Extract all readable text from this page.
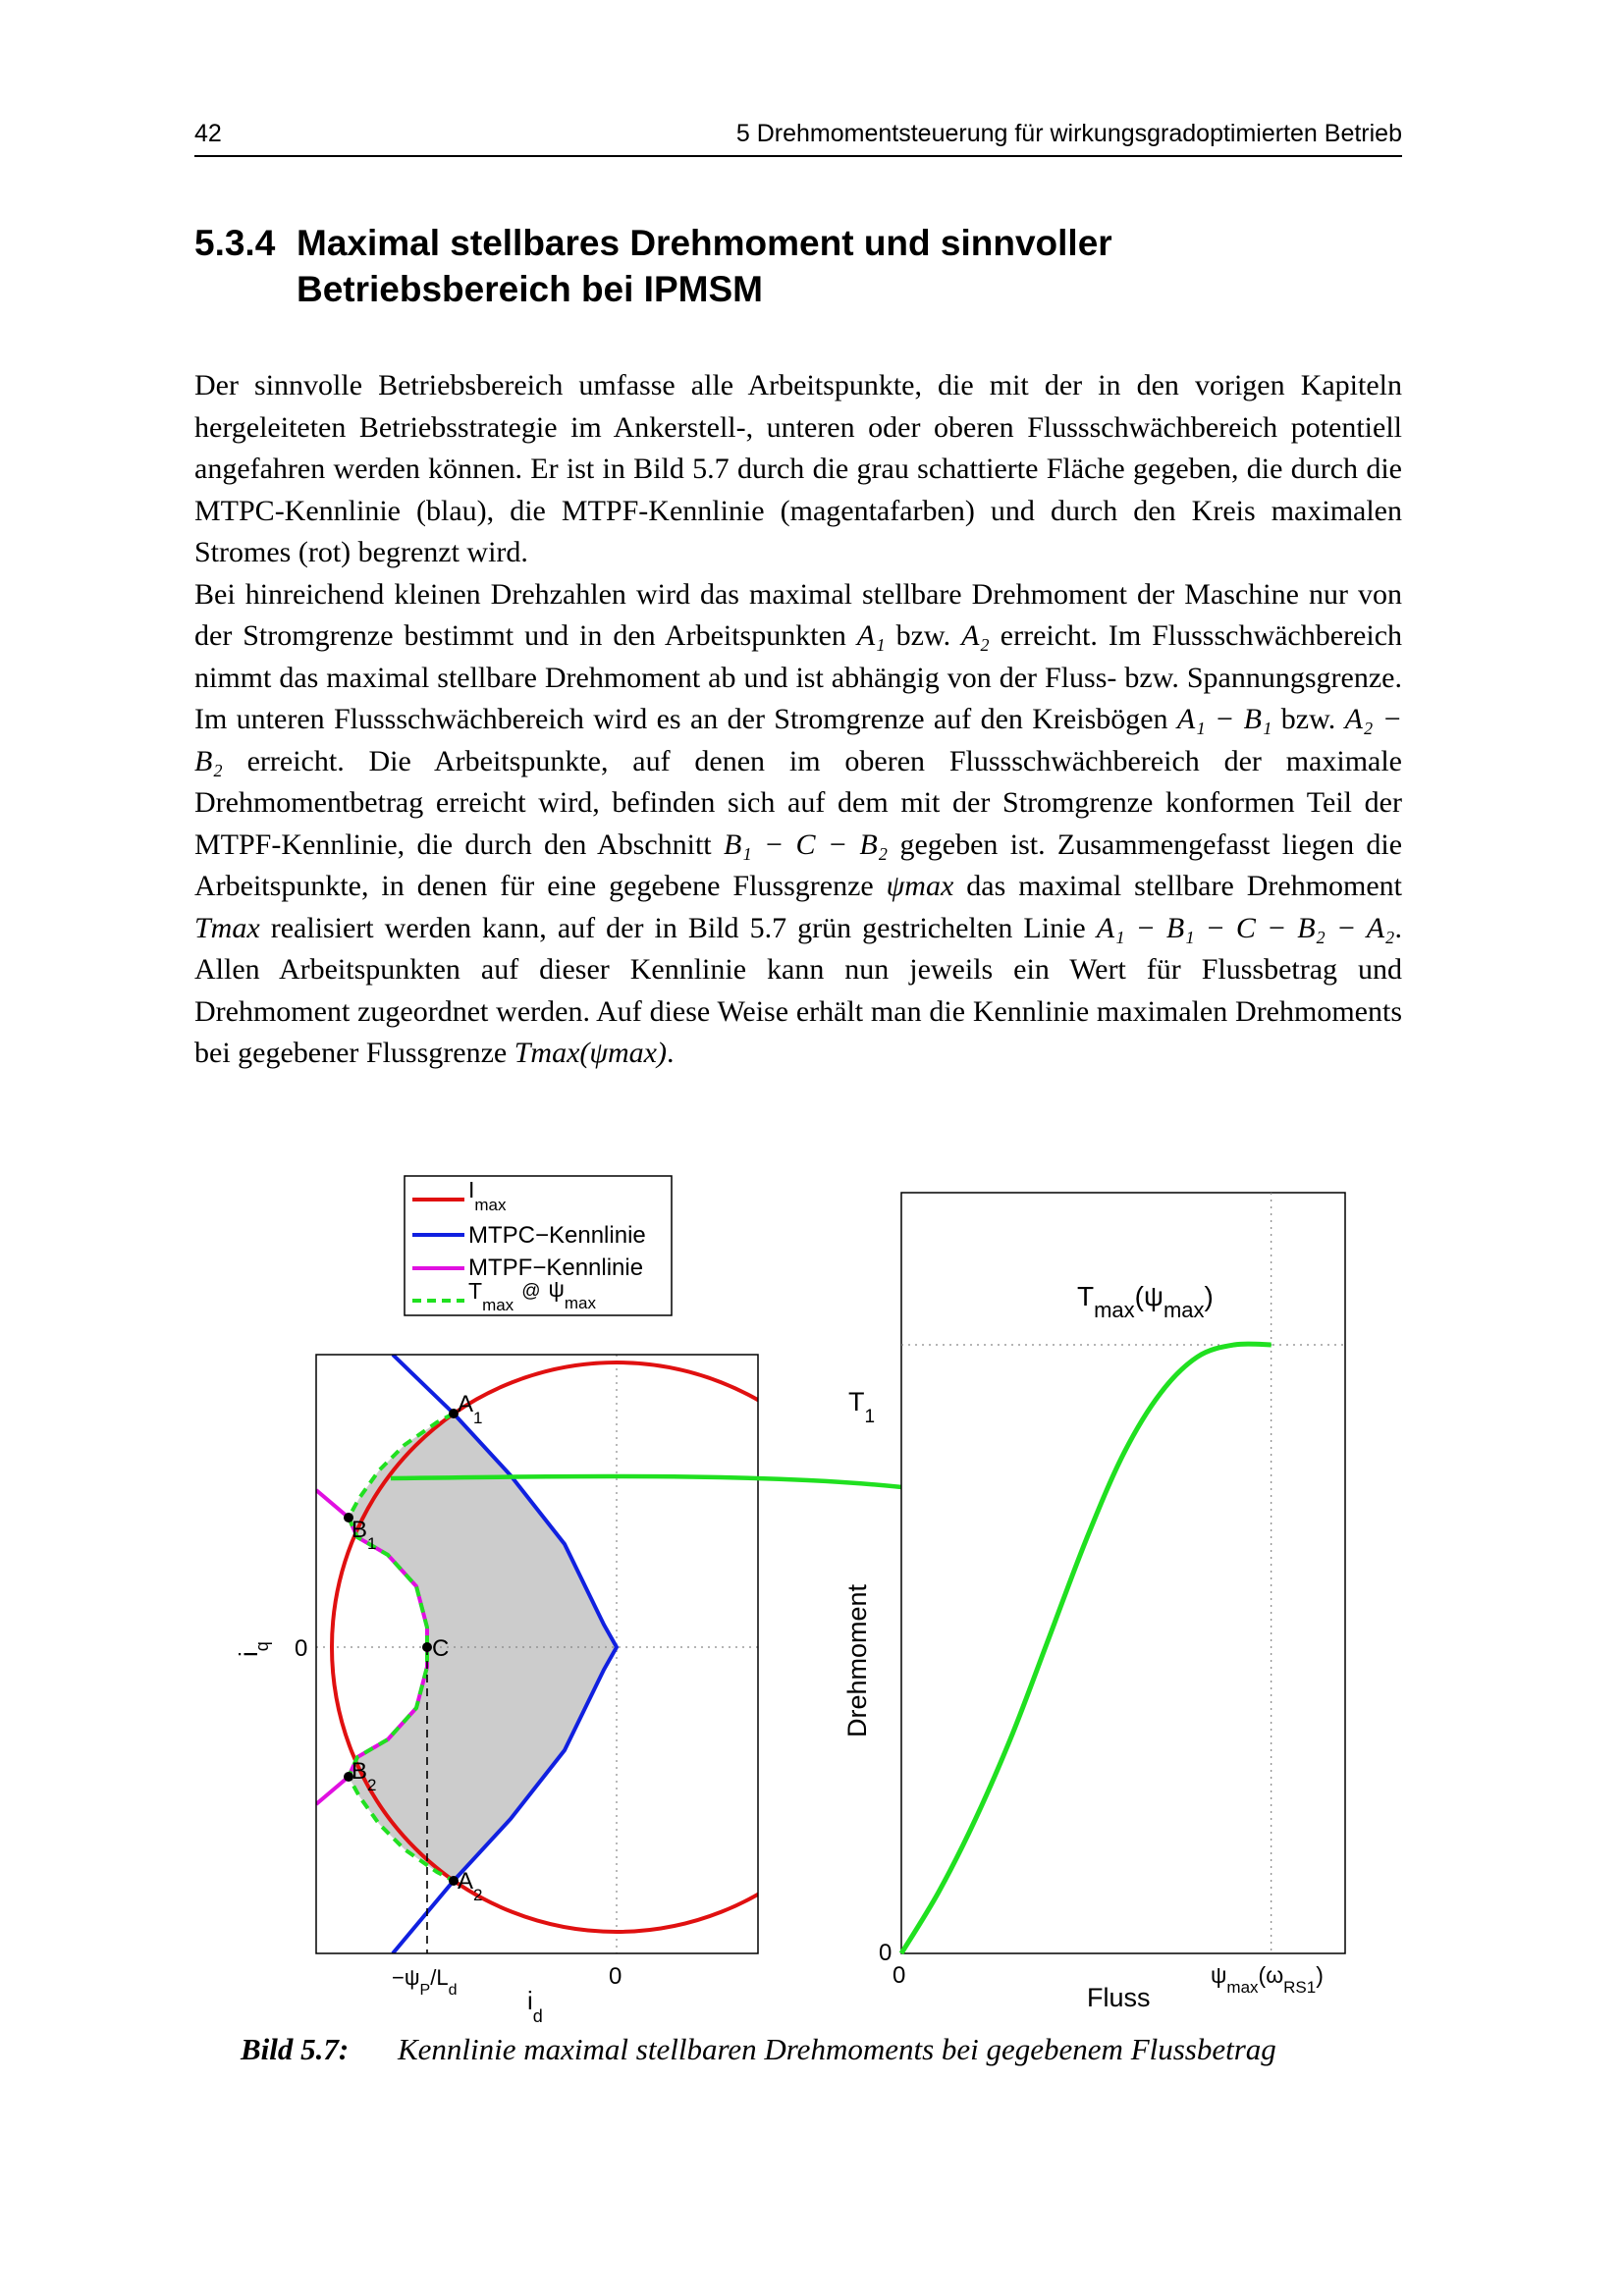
42	5 Drehmomentsteuerung für wirkungsgradoptimierten Betrieb
5.3.4 Maximal stellbares Drehmoment und sinnvoller
Betriebsbereich bei IPMSM

Der sinnvolle Betriebsbereich umfasse alle Arbeitspunkte, die mit der in den vorigen Kapiteln hergeleiteten Betriebsstrategie im Ankerstell-, unteren oder oberen Flussschwächbereich potentiell angefahren werden können. Er ist in Bild 5.7 durch die grau schattierte Fläche gegeben, die durch die MTPC-Kennlinie (blau), die MTPF-Kennlinie (magentafarben) und durch den Kreis maximalen Stromes (rot) begrenzt wird.

Bei hinreichend kleinen Drehzahlen wird das maximal stellbare Drehmoment der Maschine nur von der Stromgrenze bestimmt und in den Arbeitspunkten A₁ bzw. A₂ erreicht. Im Flussschwächbereich nimmt das maximal stellbare Drehmoment ab und ist abhängig von der Fluss- bzw. Spannungsgrenze. Im unteren Flussschwächbereich wird es an der Stromgrenze auf den Kreisbögen A₁ − B₁ bzw. A₂ − B₂ erreicht. Die Arbeitspunkte, auf denen im oberen Flussschwächbereich der maximale Drehmomentbetrag erreicht wird, befinden sich auf dem mit der Stromgrenze konformen Teil der MTPF-Kennlinie, die durch den Abschnitt B₁ − C − B₂ gegeben ist. Zusammengefasst liegen die Arbeitspunkte, in denen für eine gegebene Flussgrenze ψmax das maximal stellbare Drehmoment Tmax realisiert werden kann, auf der in Bild 5.7 grün gestrichelten Linie A₁ − B₁ − C − B₂ − A₂. Allen Arbeitspunkten auf dieser Kennlinie kann nun jeweils ein Wert für Flussbetrag und Drehmoment zugeordnet werden. Auf diese Weise erhält man die Kennlinie maximalen Drehmoments bei gegebener Flussgrenze Tmax(ψmax).

$I_{max}$
MTPC−Kennlinie
MTPF−Kennlinie
$T_{max}^@$ $\psi_{max}$
$A_1$
$B_1$
C
$B_2$
$A_2$
0
$i_q$
$-\psi_P/L_d$
0
$i_d$
$T_{max}(\psi_{max})$
Drehmoment
Fluss
$T_1$
0
0	$\psi_{max}(\omega_{RS1})$
Bild 5.7: Kennlinie maximal stellbaren Drehmoments bei gegebenem Flussbetrag
